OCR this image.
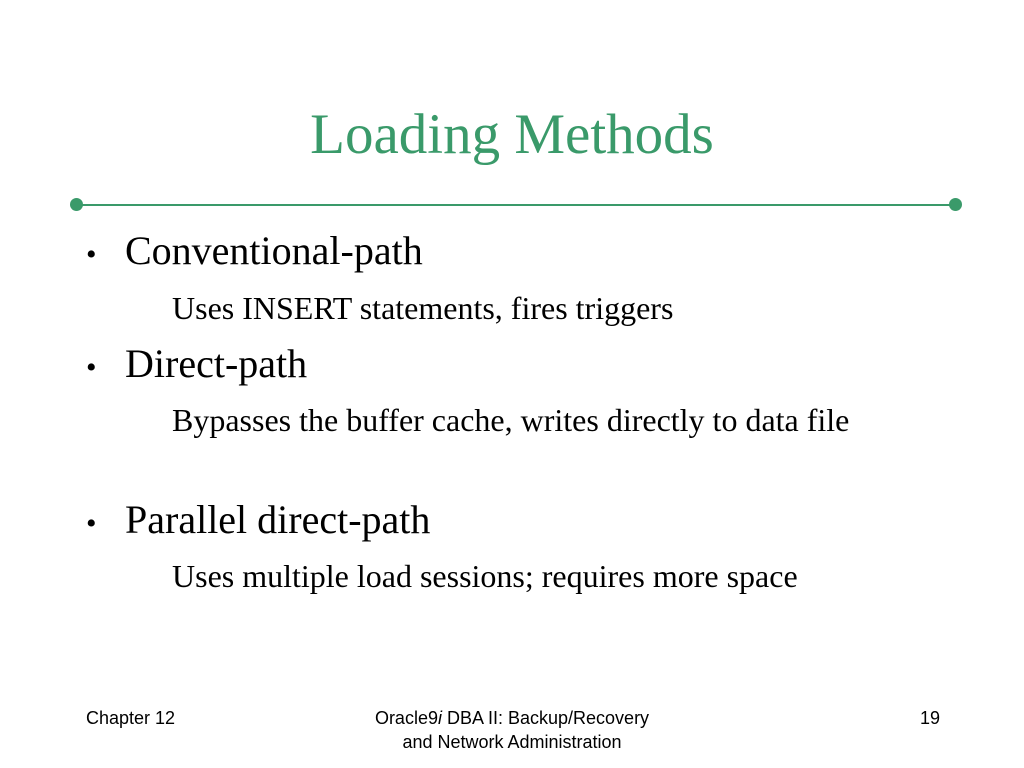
Loading Methods
• Conventional-path
Uses INSERT statements, fires triggers
• Direct-path
Bypasses the buffer cache, writes directly to data file
• Parallel direct-path
Uses multiple load sessions; requires more space
Chapter 12	Oracle9i DBA II: Backup/Recovery
and Network Administration
19
